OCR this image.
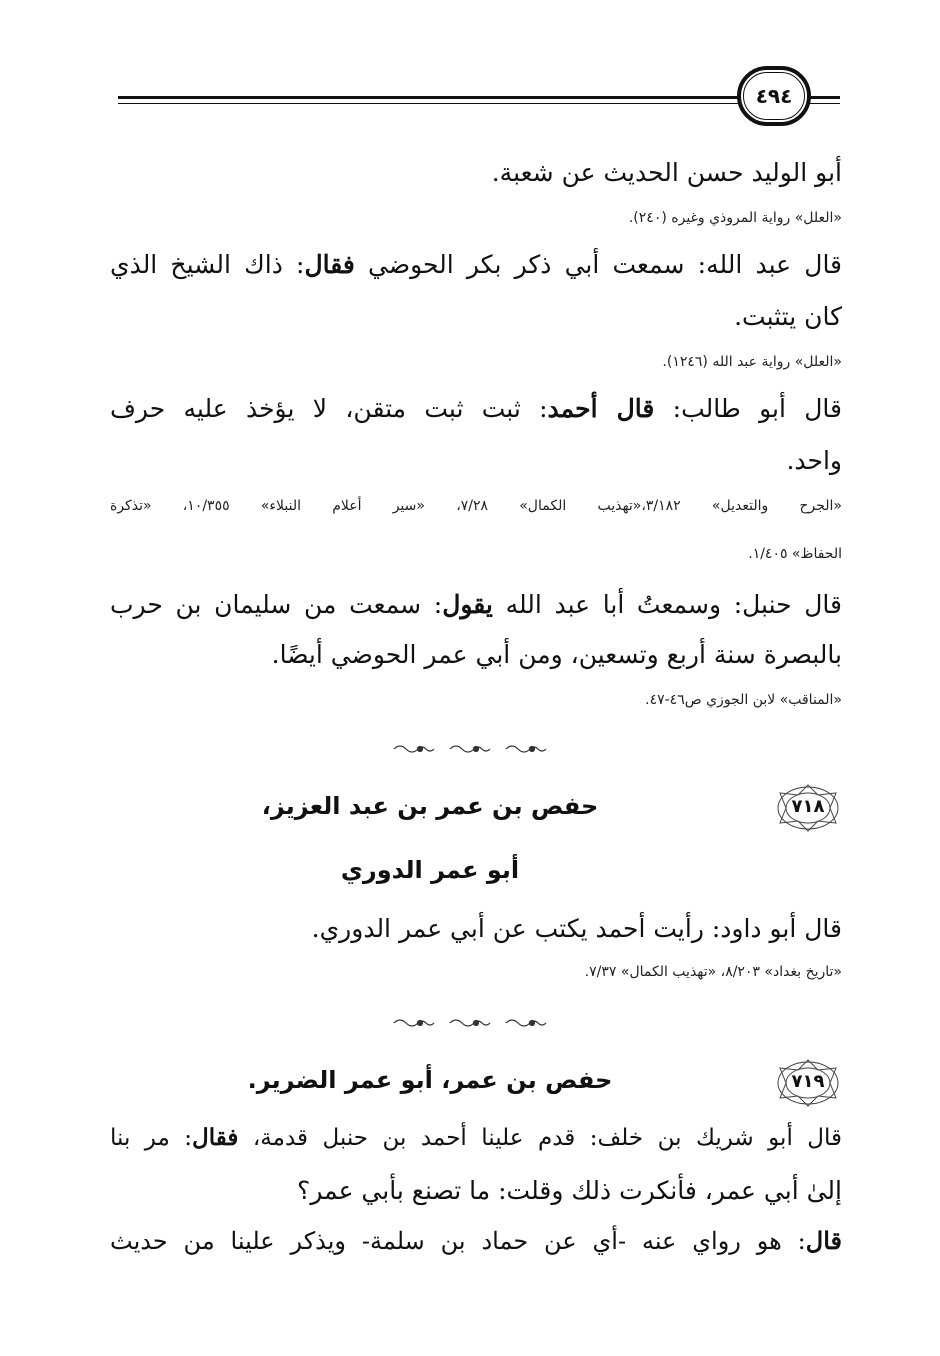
٤٩٤
أبو الوليد حسن الحديث عن شعبة.
«العلل» رواية المروذي وغيره (٢٤٠).
قال عبد الله: سمعت أبي ذكر بكر الحوضي فقال: ذاك الشيخ الذي
كان يتثبت.
«العلل» رواية عبد الله (١٢٤٦).
قال أبو طالب: قال أحمد: ثبت ثبت متقن، لا يؤخذ عليه حرف
واحد.
«الجرح والتعديل» ٣/١٨٢،«تهذيب الكمال» ٧/٢٨، «سير أعلام النبلاء» ١٠/٣٥٥، «تذكرة
الحفاظ» ١/٤٠٥.
قال حنبل: وسمعتُ أبا عبد الله يقول: سمعت من سليمان بن حرب
بالبصرة سنة أربع وتسعين، ومن أبي عمر الحوضي أيضًا.
«المناقب» لابن الجوزي ص٤٦-٤٧.
٧١٨
حفص بن عمر بن عبد العزيز،
أبو عمر الدوري
قال أبو داود: رأيت أحمد يكتب عن أبي عمر الدوري.
«تاريخ بغداد» ٨/٢٠٣، «تهذيب الكمال» ٧/٣٧.
٧١٩
حفص بن عمر، أبو عمر الضرير.
قال أبو شريك بن خلف: قدم علينا أحمد بن حنبل قدمة، فقال: مر بنا
إلىٰ أبي عمر، فأنكرت ذلك وقلت: ما تصنع بأبي عمر؟
قال: هو رواي عنه -أي عن حماد بن سلمة- ويذكر علينا من حديث
